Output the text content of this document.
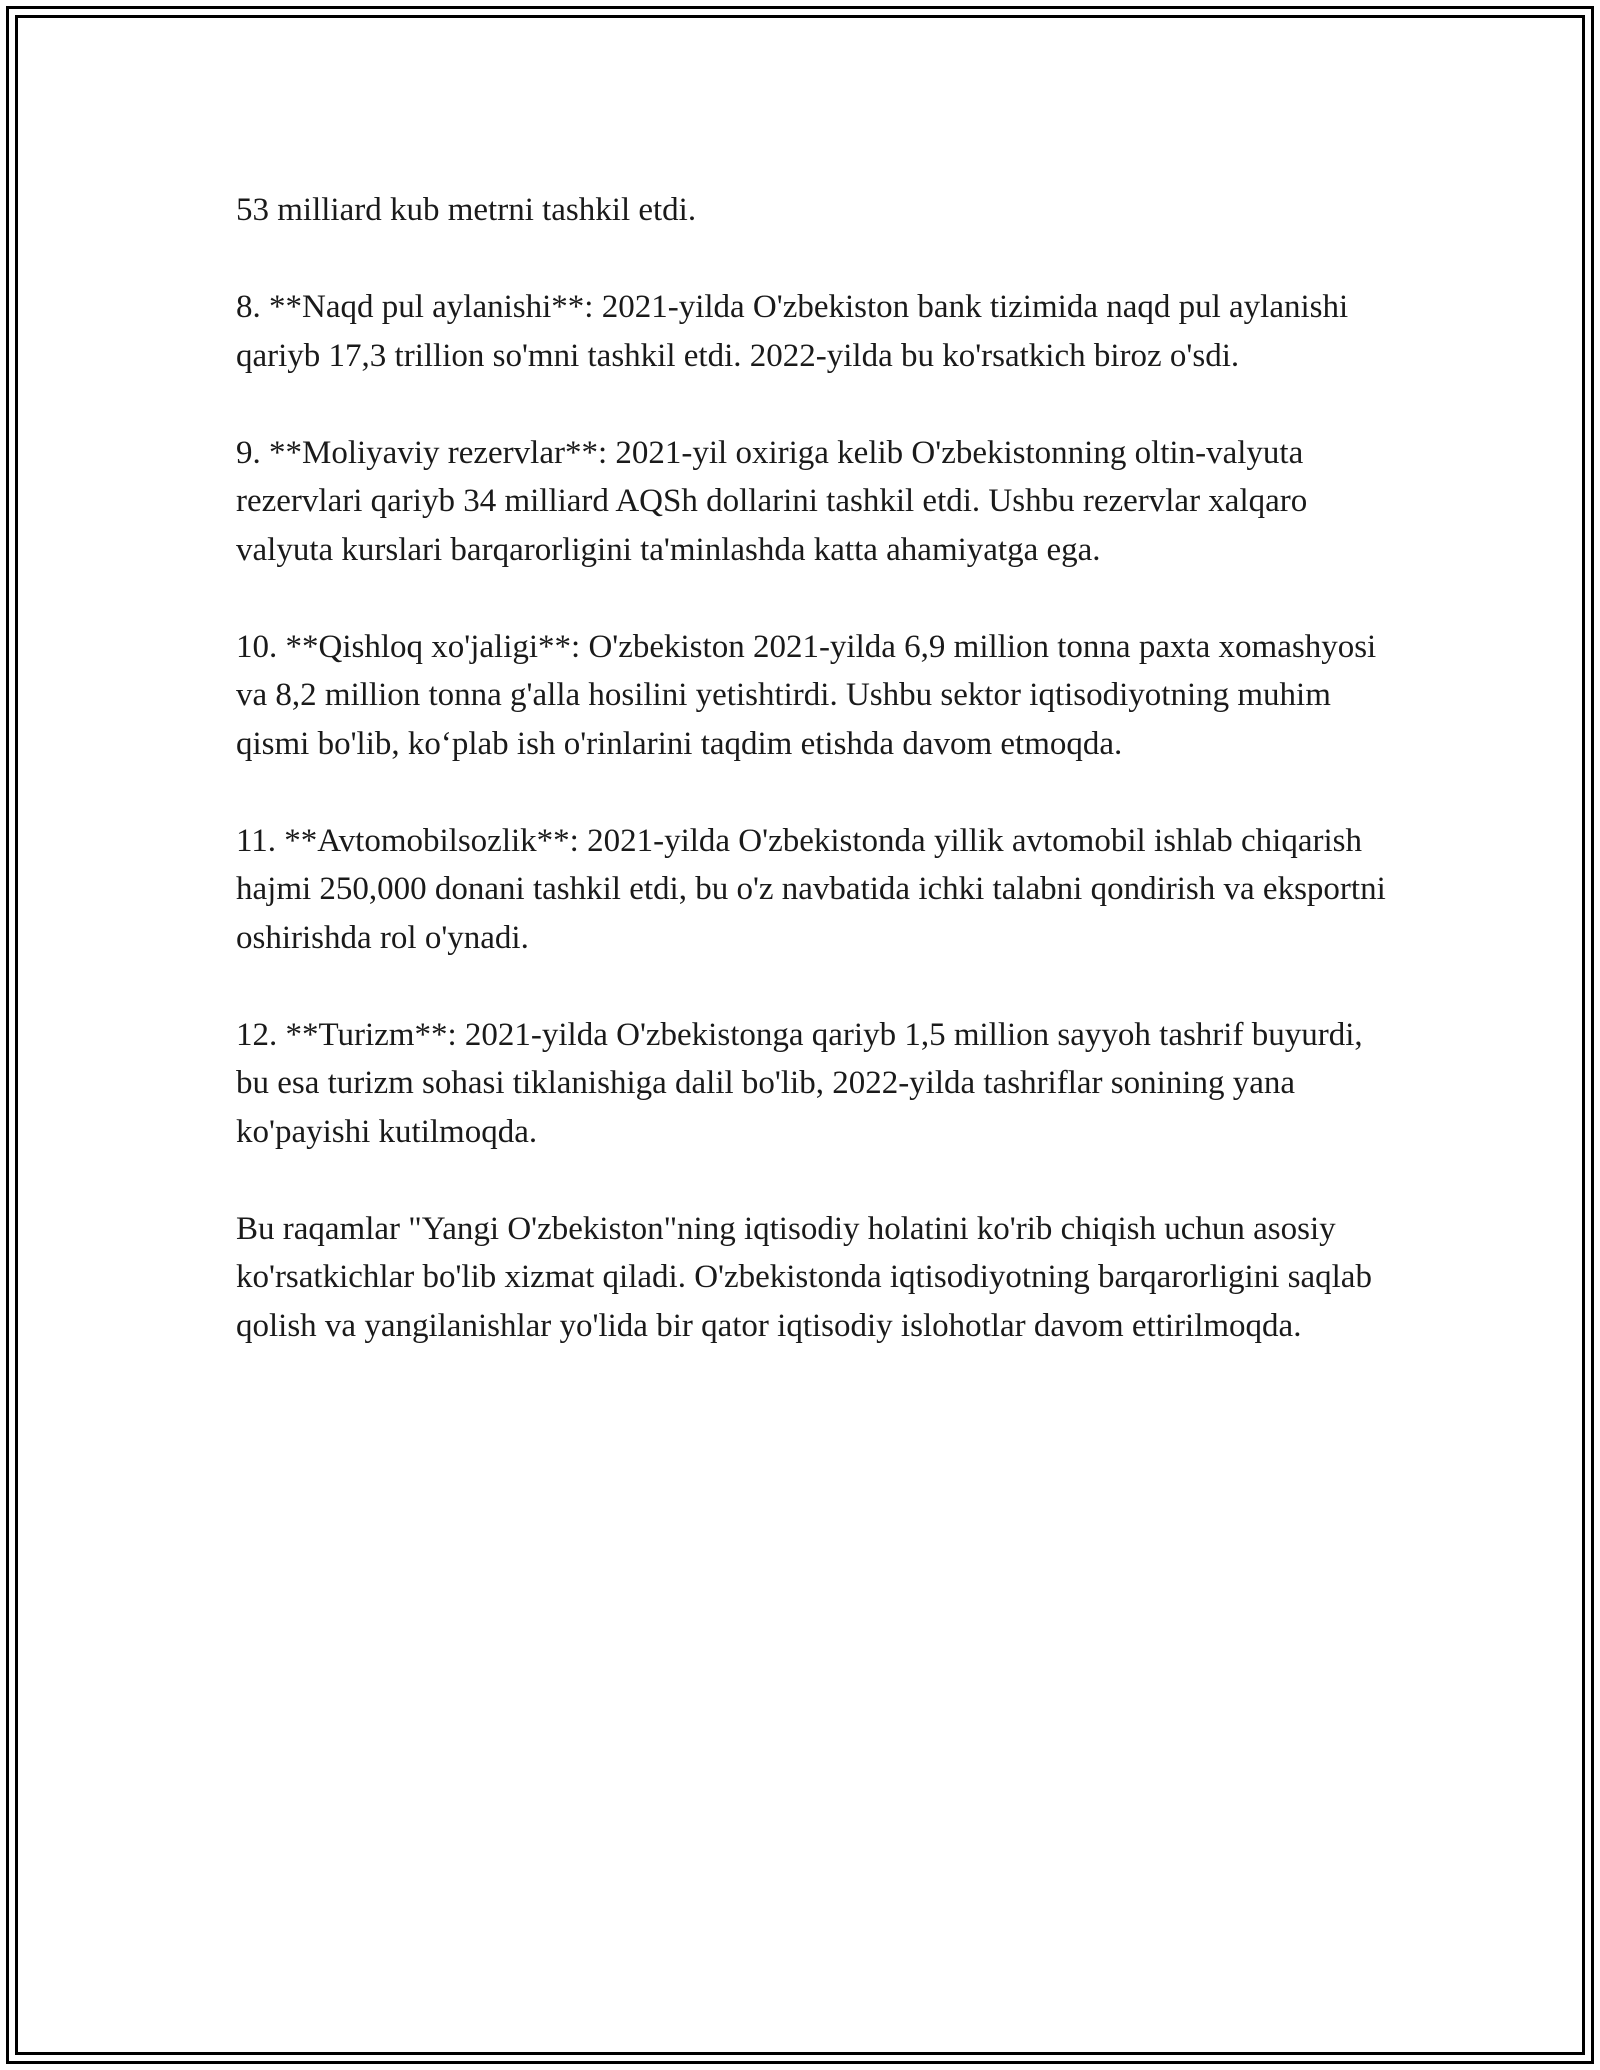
53 milliard kub metrni tashkil etdi.

8. **Naqd pul aylanishi**: 2021-yilda O'zbekiston bank tizimida naqd pul aylanishi qariyb 17,3 trillion so'mni tashkil etdi. 2022-yilda bu ko'rsatkich biroz o'sdi.

9. **Moliyaviy rezervlar**: 2021-yil oxiriga kelib O'zbekistonning oltin-valyuta rezervlari qariyb 34 milliard AQSh dollarini tashkil etdi. Ushbu rezervlar xalqaro valyuta kurslari barqarorligini ta'minlashda katta ahamiyatga ega.

10. **Qishloq xo'jaligi**: O'zbekiston 2021-yilda 6,9 million tonna paxta xomashyosi va 8,2 million tonna g'alla hosilini yetishtirdi. Ushbu sektor iqtisodiyotning muhim qismi bo'lib, ko‘plab ish o'rinlarini taqdim etishda davom etmoqda.

11. **Avtomobilsozlik**: 2021-yilda O'zbekistonda yillik avtomobil ishlab chiqarish hajmi 250,000 donani tashkil etdi, bu o'z navbatida ichki talabni qondirish va eksportni oshirishda rol o'ynadi.

12. **Turizm**: 2021-yilda O'zbekistonga qariyb 1,5 million sayyoh tashrif buyurdi, bu esa turizm sohasi tiklanishiga dalil bo'lib, 2022-yilda tashriflar sonining yana ko'payishi kutilmoqda.

Bu raqamlar "Yangi O'zbekiston"ning iqtisodiy holatini ko'rib chiqish uchun asosiy ko'rsatkichlar bo'lib xizmat qiladi. O'zbekistonda iqtisodiyotning barqarorligini saqlab qolish va yangilanishlar yo'lida bir qator iqtisodiy islohotlar davom ettirilmoqda.
